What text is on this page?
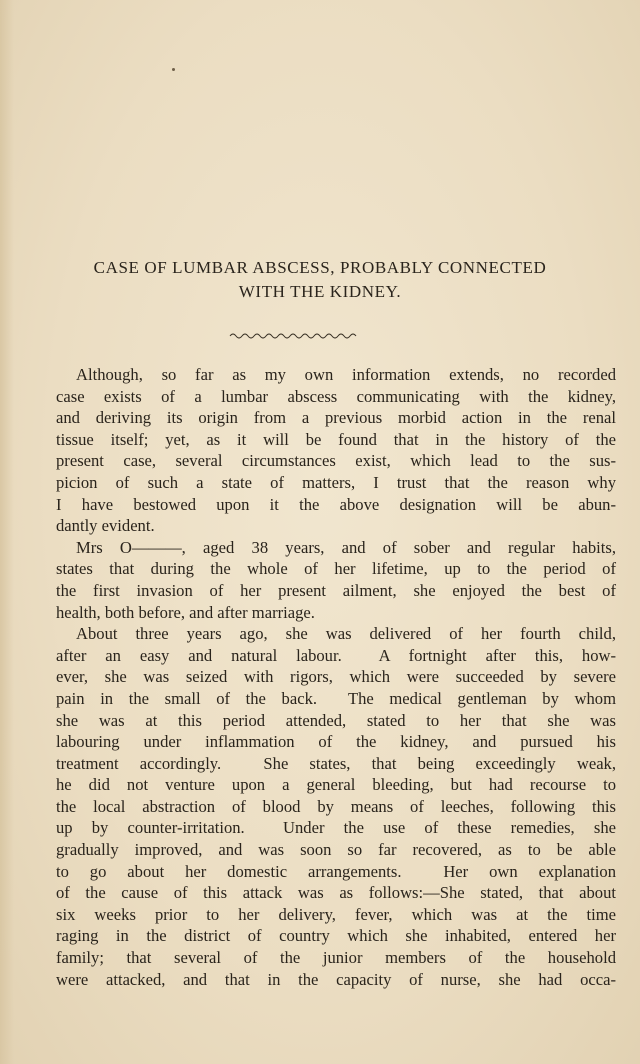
CASE OF LUMBAR ABSCESS, PROBABLY CONNECTED
WITH THE KIDNEY.
Although, so far as my own information extends, no recorded
case exists of a lumbar abscess communicating with the kidney,
and deriving its origin from a previous morbid action in the renal
tissue itself; yet, as it will be found that in the history of the
present case, several circumstances exist, which lead to the sus-
picion of such a state of matters, I trust that the reason why
I have bestowed upon it the above designation will be abun-
dantly evident.
Mrs O———, aged 38 years, and of sober and regular habits,
states that during the whole of her lifetime, up to the period of
the first invasion of her present ailment, she enjoyed the best of
health, both before, and after marriage.
About three years ago, she was delivered of her fourth child,
after an easy and natural labour.  A fortnight after this, how-
ever, she was seized with rigors, which were succeeded by severe
pain in the small of the back.  The medical gentleman by whom
she was at this period attended, stated to her that she was
labouring under inflammation of the kidney, and pursued his
treatment accordingly.  She states, that being exceedingly weak,
he did not venture upon a general bleeding, but had recourse to
the local abstraction of blood by means of leeches, following this
up by counter-irritation.  Under the use of these remedies, she
gradually improved, and was soon so far recovered, as to be able
to go about her domestic arrangements.  Her own explanation
of the cause of this attack was as follows:—She stated, that about
six weeks prior to her delivery, fever, which was at the time
raging in the district of country which she inhabited, entered her
family; that several of the junior members of the household
were attacked, and that in the capacity of nurse, she had occa-
